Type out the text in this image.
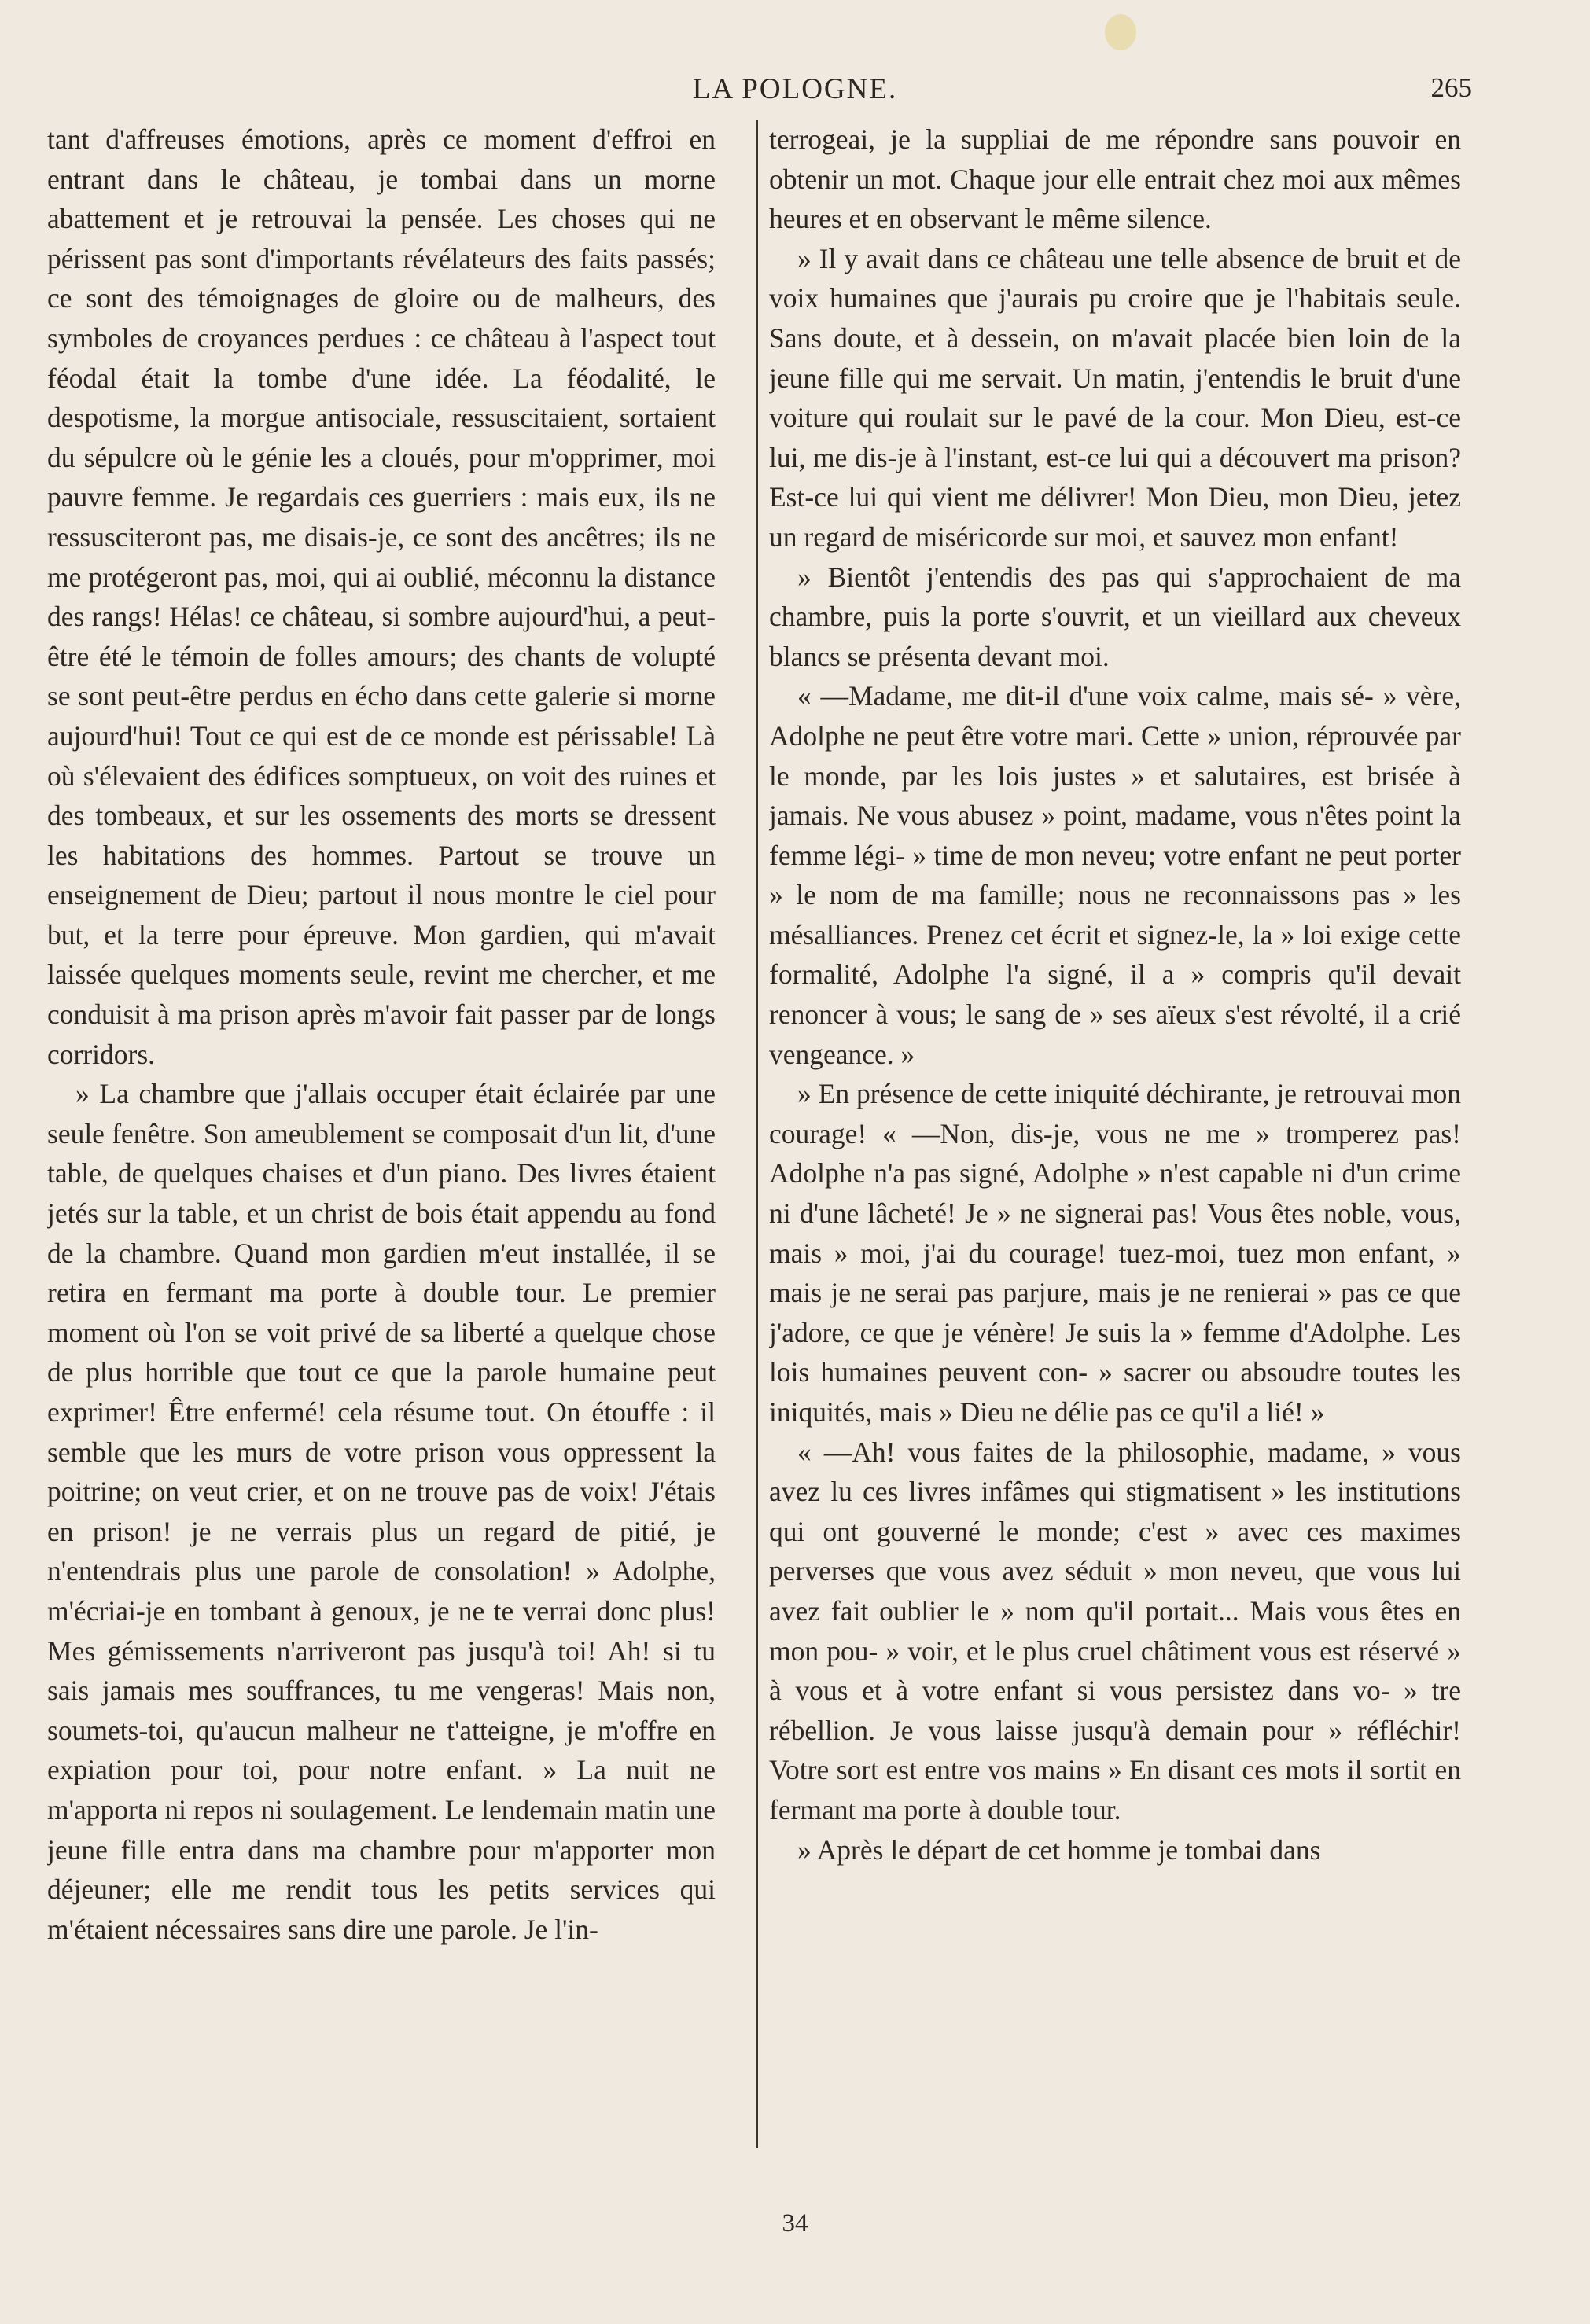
LA POLOGNE.	265

tant d'affreuses émotions, après ce moment d'effroi en entrant dans le château, je tombai dans un morne abattement et je retrouvai la pensée. Les choses qui ne périssent pas sont d'importants révélateurs des faits passés; ce sont des témoignages de gloire ou de malheurs, des symboles de croyances perdues : ce château à l'aspect tout féodal était la tombe d'une idée. La féodalité, le despotisme, la morgue antisociale, ressuscitaient, sortaient du sépulcre où le génie les a cloués, pour m'opprimer, moi pauvre femme. Je regardais ces guerriers : mais eux, ils ne ressusciteront pas, me disais-je, ce sont des ancêtres; ils ne me protégeront pas, moi, qui ai oublié, méconnu la distance des rangs! Hélas! ce château, si sombre aujourd'hui, a peut-être été le témoin de folles amours; des chants de volupté se sont peut-être perdus en écho dans cette galerie si morne aujourd'hui! Tout ce qui est de ce monde est périssable! Là où s'élevaient des édifices somptueux, on voit des ruines et des tombeaux, et sur les ossements des morts se dressent les habitations des hommes. Partout se trouve un enseignement de Dieu; partout il nous montre le ciel pour but, et la terre pour épreuve. Mon gardien, qui m'avait laissée quelques moments seule, revint me chercher, et me conduisit à ma prison après m'avoir fait passer par de longs corridors.

» La chambre que j'allais occuper était éclairée par une seule fenêtre. Son ameublement se composait d'un lit, d'une table, de quelques chaises et d'un piano. Des livres étaient jetés sur la table, et un christ de bois était appendu au fond de la chambre. Quand mon gardien m'eut installée, il se retira en fermant ma porte à double tour. Le premier moment où l'on se voit privé de sa liberté a quelque chose de plus horrible que tout ce que la parole humaine peut exprimer! Être enfermé! cela résume tout. On étouffe : il semble que les murs de votre prison vous oppressent la poitrine; on veut crier, et on ne trouve pas de voix! J'étais en prison! je ne verrais plus un regard de pitié, je n'entendrais plus une parole de consolation! » Adolphe, m'écriai-je en tombant à genoux, je ne te verrai donc plus! Mes gémissements n'arriveront pas jusqu'à toi! Ah! si tu sais jamais mes souffrances, tu me vengeras! Mais non, soumets-toi, qu'aucun malheur ne t'atteigne, je m'offre en expiation pour toi, pour notre enfant. » La nuit ne m'apporta ni repos ni soulagement. Le lendemain matin une jeune fille entra dans ma chambre pour m'apporter mon déjeuner; elle me rendit tous les petits services qui m'étaient nécessaires sans dire une parole. Je l'in-

terrogeai, je la suppliai de me répondre sans pouvoir en obtenir un mot. Chaque jour elle entrait chez moi aux mêmes heures et en observant le même silence.

» Il y avait dans ce château une telle absence de bruit et de voix humaines que j'aurais pu croire que je l'habitais seule. Sans doute, et à dessein, on m'avait placée bien loin de la jeune fille qui me servait. Un matin, j'entendis le bruit d'une voiture qui roulait sur le pavé de la cour. Mon Dieu, est-ce lui, me dis-je à l'instant, est-ce lui qui a découvert ma prison? Est-ce lui qui vient me délivrer! Mon Dieu, mon Dieu, jetez un regard de miséricorde sur moi, et sauvez mon enfant!

» Bientôt j'entendis des pas qui s'approchaient de ma chambre, puis la porte s'ouvrit, et un vieillard aux cheveux blancs se présenta devant moi.

« —Madame, me dit-il d'une voix calme, mais sé- » vère, Adolphe ne peut être votre mari. Cette » union, réprouvée par le monde, par les lois justes » et salutaires, est brisée à jamais. Ne vous abusez » point, madame, vous n'êtes point la femme légi- » time de mon neveu; votre enfant ne peut porter » le nom de ma famille; nous ne reconnaissons pas » les mésalliances. Prenez cet écrit et signez-le, la » loi exige cette formalité, Adolphe l'a signé, il a » compris qu'il devait renoncer à vous; le sang de » ses aïeux s'est révolté, il a crié vengeance. »

» En présence de cette iniquité déchirante, je retrouvai mon courage! « —Non, dis-je, vous ne me » tromperez pas! Adolphe n'a pas signé, Adolphe » n'est capable ni d'un crime ni d'une lâcheté! Je » ne signerai pas! Vous êtes noble, vous, mais » moi, j'ai du courage! tuez-moi, tuez mon enfant, » mais je ne serai pas parjure, mais je ne renierai » pas ce que j'adore, ce que je vénère! Je suis la » femme d'Adolphe. Les lois humaines peuvent con- » sacrer ou absoudre toutes les iniquités, mais » Dieu ne délie pas ce qu'il a lié! »

« —Ah! vous faites de la philosophie, madame, » vous avez lu ces livres infâmes qui stigmatisent » les institutions qui ont gouverné le monde; c'est » avec ces maximes perverses que vous avez séduit » mon neveu, que vous lui avez fait oublier le » nom qu'il portait... Mais vous êtes en mon pou- » voir, et le plus cruel châtiment vous est réservé » à vous et à votre enfant si vous persistez dans vo- » tre rébellion. Je vous laisse jusqu'à demain pour » réfléchir! Votre sort est entre vos mains » En disant ces mots il sortit en fermant ma porte à double tour.

» Après le départ de cet homme je tombai dans

34
